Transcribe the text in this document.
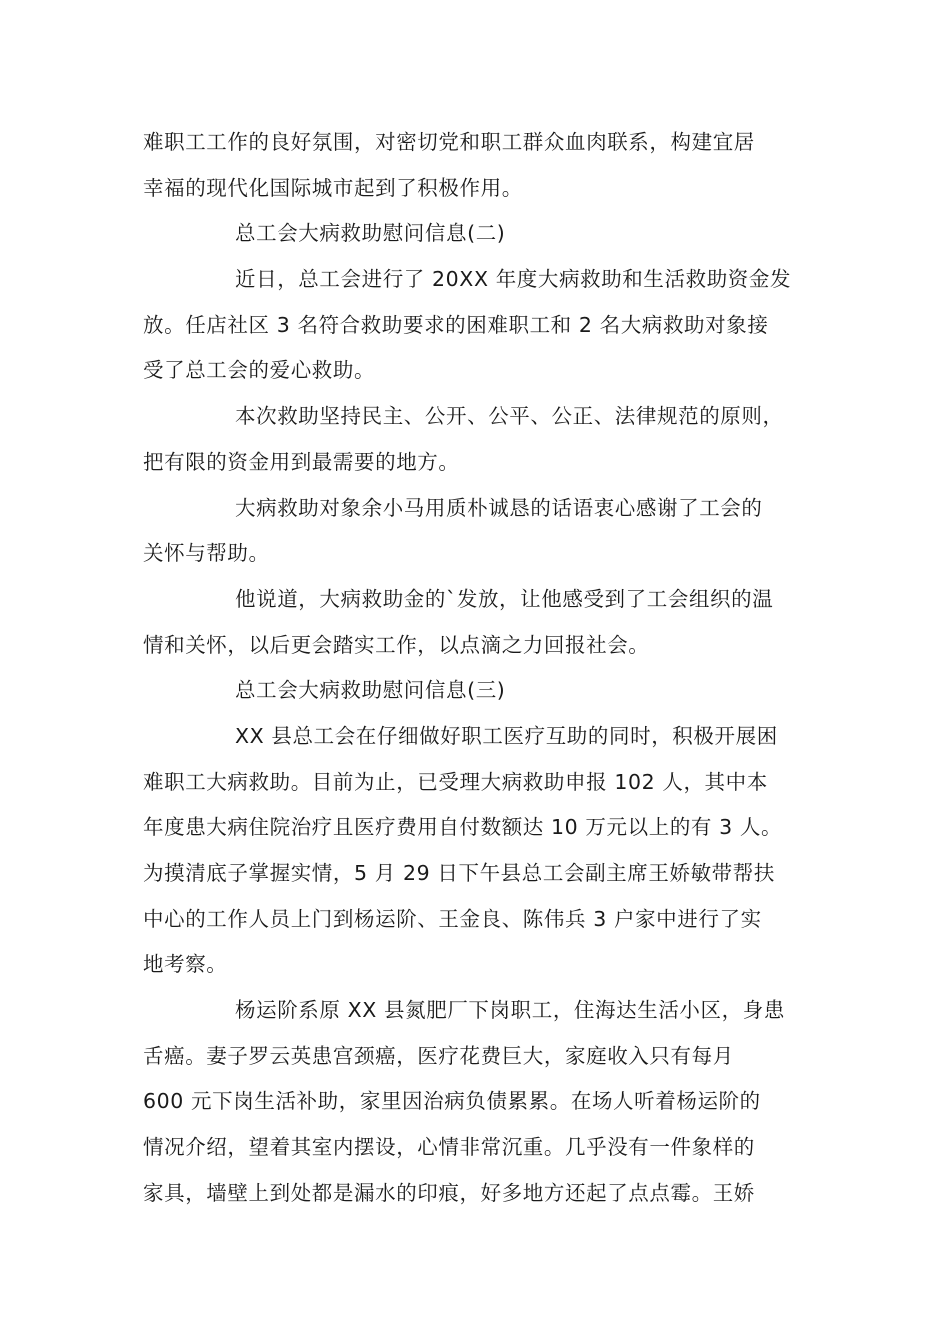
难职工工作的良好氛围，对密切党和职工群众血肉联系，构建宜居
幸福的现代化国际城市起到了积极作用。
总工会大病救助慰问信息(二)
近日，总工会进行了 20XX 年度大病救助和生活救助资金发
放。任店社区 3 名符合救助要求的困难职工和 2 名大病救助对象接
受了总工会的爱心救助。
本次救助坚持民主、公开、公平、公正、法律规范的原则，
把有限的资金用到最需要的地方。
大病救助对象余小马用质朴诚恳的话语衷心感谢了工会的
关怀与帮助。
他说道，大病救助金的`发放，让他感受到了工会组织的温
情和关怀，以后更会踏实工作，以点滴之力回报社会。
总工会大病救助慰问信息(三)
XX 县总工会在仔细做好职工医疗互助的同时，积极开展困
难职工大病救助。目前为止，已受理大病救助申报 102 人，其中本
年度患大病住院治疗且医疗费用自付数额达 10 万元以上的有 3 人。
为摸清底子掌握实情，5 月 29 日下午县总工会副主席王娇敏带帮扶
中心的工作人员上门到杨运阶、王金良、陈伟兵 3 户家中进行了实
地考察。
杨运阶系原 XX 县氮肥厂下岗职工，住海达生活小区，身患
舌癌。妻子罗云英患宫颈癌，医疗花费巨大，家庭收入只有每月
600 元下岗生活补助，家里因治病负债累累。在场人听着杨运阶的
情况介绍，望着其室内摆设，心情非常沉重。几乎没有一件象样的
家具，墙壁上到处都是漏水的印痕，好多地方还起了点点霉。王娇
